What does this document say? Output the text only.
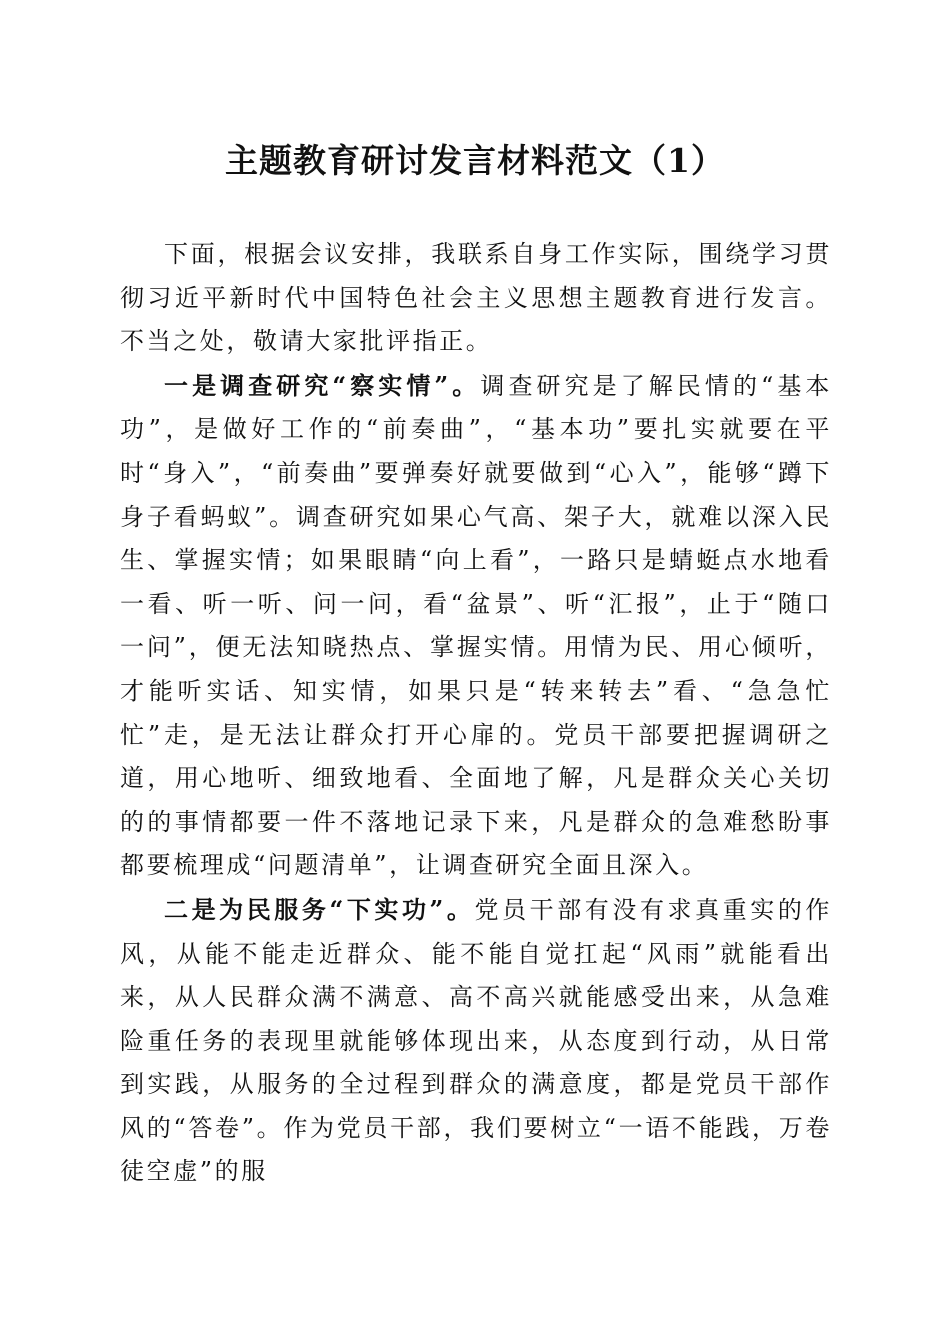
主题教育研讨发言材料范文（1）

下面，根据会议安排，我联系自身工作实际，围绕学习贯彻习近平新时代中国特色社会主义思想主题教育进行发言。不当之处，敬请大家批评指正。

一是调查研究“察实情”。调查研究是了解民情的“基本功”，是做好工作的“前奏曲”，“基本功”要扎实就要在平时“身入”，“前奏曲”要弹奏好就要做到“心入”，能够“蹲下身子看蚂蚁”。调查研究如果心气高、架子大，就难以深入民生、掌握实情；如果眼睛“向上看”，一路只是蜻蜓点水地看一看、听一听、问一问，看“盆景”、听“汇报”，止于“随口一问”，便无法知晓热点、掌握实情。用情为民、用心倾听，才能听实话、知实情，如果只是“转来转去”看、“急急忙忙”走，是无法让群众打开心扉的。党员干部要把握调研之道，用心地听、细致地看、全面地了解，凡是群众关心关切的的事情都要一件不落地记录下来，凡是群众的急难愁盼事都要梳理成“问题清单”，让调查研究全面且深入。

二是为民服务“下实功”。党员干部有没有求真重实的作风，从能不能走近群众、能不能自觉扛起“风雨”就能看出来，从人民群众满不满意、高不高兴就能感受出来，从急难险重任务的表现里就能够体现出来，从态度到行动，从日常到实践，从服务的全过程到群众的满意度，都是党员干部作风的“答卷”。作为党员干部，我们要树立“一语不能践，万卷徒空虚”的服
